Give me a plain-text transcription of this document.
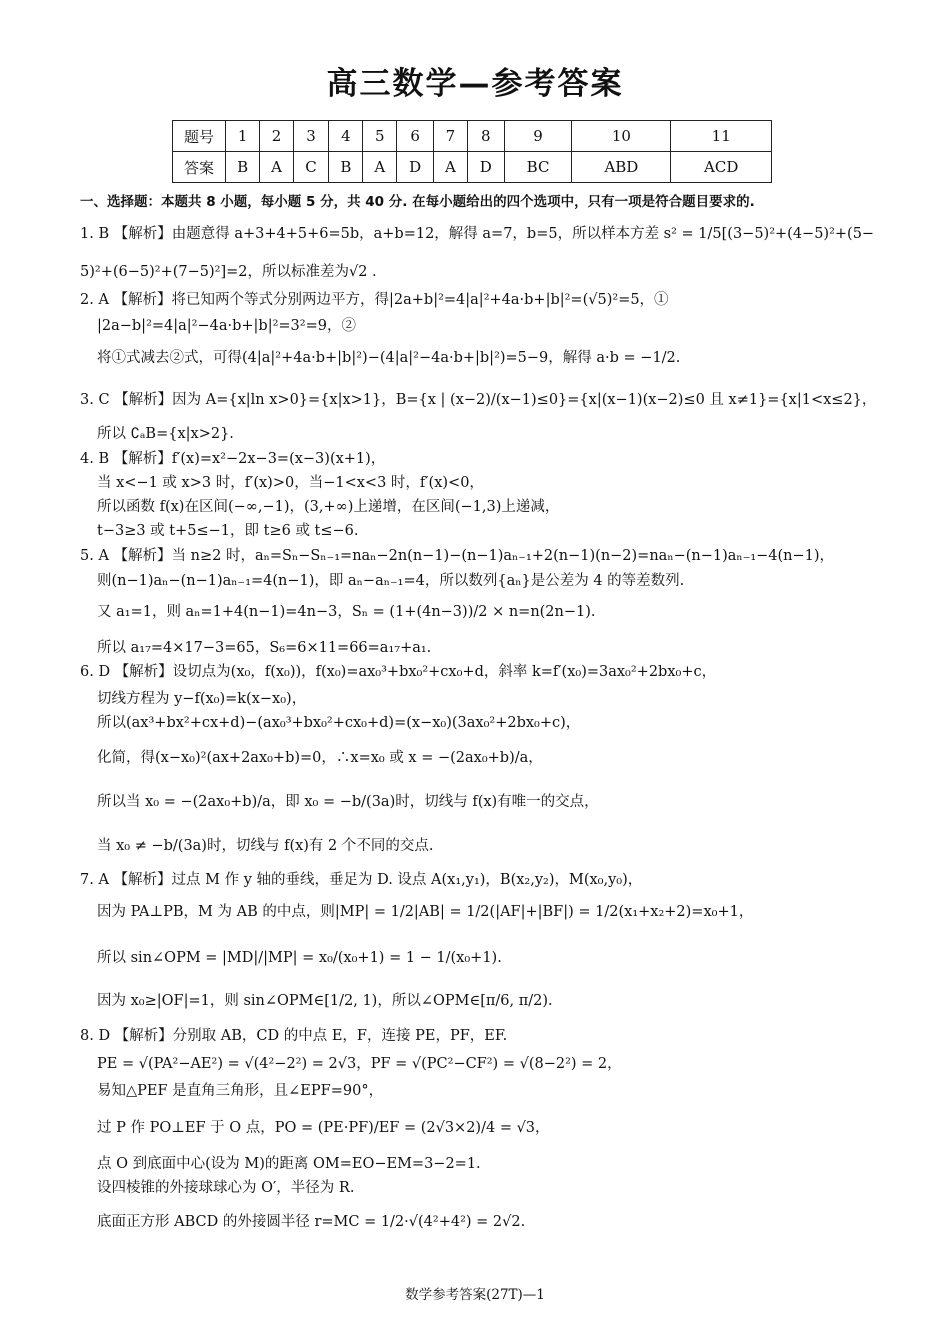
高三数学—参考答案
题号	1	2	3	4	5	6	7	8	9	10	11
答案	B	A	C	B	A	D	A	D	BC	ABD	ACD
一、选择题：本题共 8 小题，每小题 5 分，共 40 分. 在每小题给出的四个选项中，只有一项是符合题目要求的.
1. B 【解析】由题意得 a+3+4+5+6=5b，a+b=12，解得 a=7，b=5，所以样本方差 s² = 1/5[(3−5)²+(4−5)²+(5−
5)²+(6−5)²+(7−5)²]=2，所以标准差为√2 .
2. A 【解析】将已知两个等式分别两边平方，得|2a+b|²=4|a|²+4a·b+|b|²=(√5)²=5，①
|2a−b|²=4|a|²−4a·b+|b|²=3²=9，②
将①式减去②式，可得(4|a|²+4a·b+|b|²)−(4|a|²−4a·b+|b|²)=5−9，解得 a·b = −1/2.
3. C 【解析】因为 A={x|ln x>0}={x|x>1}，B={x | (x−2)/(x−1)≤0}={x|(x−1)(x−2)≤0 且 x≠1}={x|1<x≤2}，
所以 ∁ₐB={x|x>2}.
4. B 【解析】f′(x)=x²−2x−3=(x−3)(x+1)，
当 x<−1 或 x>3 时，f′(x)>0，当−1<x<3 时，f′(x)<0，
所以函数 f(x)在区间(−∞,−1)，(3,+∞)上递增，在区间(−1,3)上递减，
t−3≥3 或 t+5≤−1，即 t≥6 或 t≤−6.
5. A 【解析】当 n≥2 时，aₙ=Sₙ−Sₙ₋₁=naₙ−2n(n−1)−(n−1)aₙ₋₁+2(n−1)(n−2)=naₙ−(n−1)aₙ₋₁−4(n−1)，
则(n−1)aₙ−(n−1)aₙ₋₁=4(n−1)，即 aₙ−aₙ₋₁=4，所以数列{aₙ}是公差为 4 的等差数列.
又 a₁=1，则 aₙ=1+4(n−1)=4n−3，Sₙ = (1+(4n−3))/2 × n=n(2n−1).
所以 a₁₇=4×17−3=65，S₆=6×11=66=a₁₇+a₁.
6. D 【解析】设切点为(x₀，f(x₀))，f(x₀)=ax₀³+bx₀²+cx₀+d，斜率 k=f′(x₀)=3ax₀²+2bx₀+c，
切线方程为 y−f(x₀)=k(x−x₀)，
所以(ax³+bx²+cx+d)−(ax₀³+bx₀²+cx₀+d)=(x−x₀)(3ax₀²+2bx₀+c)，
化简，得(x−x₀)²(ax+2ax₀+b)=0，∴x=x₀ 或 x = −(2ax₀+b)/a，
所以当 x₀ = −(2ax₀+b)/a，即 x₀ = −b/(3a)时，切线与 f(x)有唯一的交点，
当 x₀ ≠ −b/(3a)时，切线与 f(x)有 2 个不同的交点.
7. A 【解析】过点 M 作 y 轴的垂线，垂足为 D. 设点 A(x₁,y₁)，B(x₂,y₂)，M(x₀,y₀)，
因为 PA⊥PB，M 为 AB 的中点，则|MP| = 1/2|AB| = 1/2(|AF|+|BF|) = 1/2(x₁+x₂+2)=x₀+1，
所以 sin∠OPM = |MD|/|MP| = x₀/(x₀+1) = 1 − 1/(x₀+1).
因为 x₀≥|OF|=1，则 sin∠OPM∈[1/2, 1)，所以∠OPM∈[π/6, π/2).
8. D 【解析】分别取 AB，CD 的中点 E，F，连接 PE，PF，EF.
PE = √(PA²−AE²) = √(4²−2²) = 2√3，PF = √(PC²−CF²) = √(8−2²) = 2，
易知△PEF 是直角三角形，且∠EPF=90°，
过 P 作 PO⊥EF 于 O 点，PO = (PE·PF)/EF = (2√3×2)/4 = √3，
点 O 到底面中心(设为 M)的距离 OM=EO−EM=3−2=1.
设四棱锥的外接球球心为 O′，半径为 R.
底面正方形 ABCD 的外接圆半径 r=MC = 1/2·√(4²+4²) = 2√2.
数学参考答案(27T)—1
